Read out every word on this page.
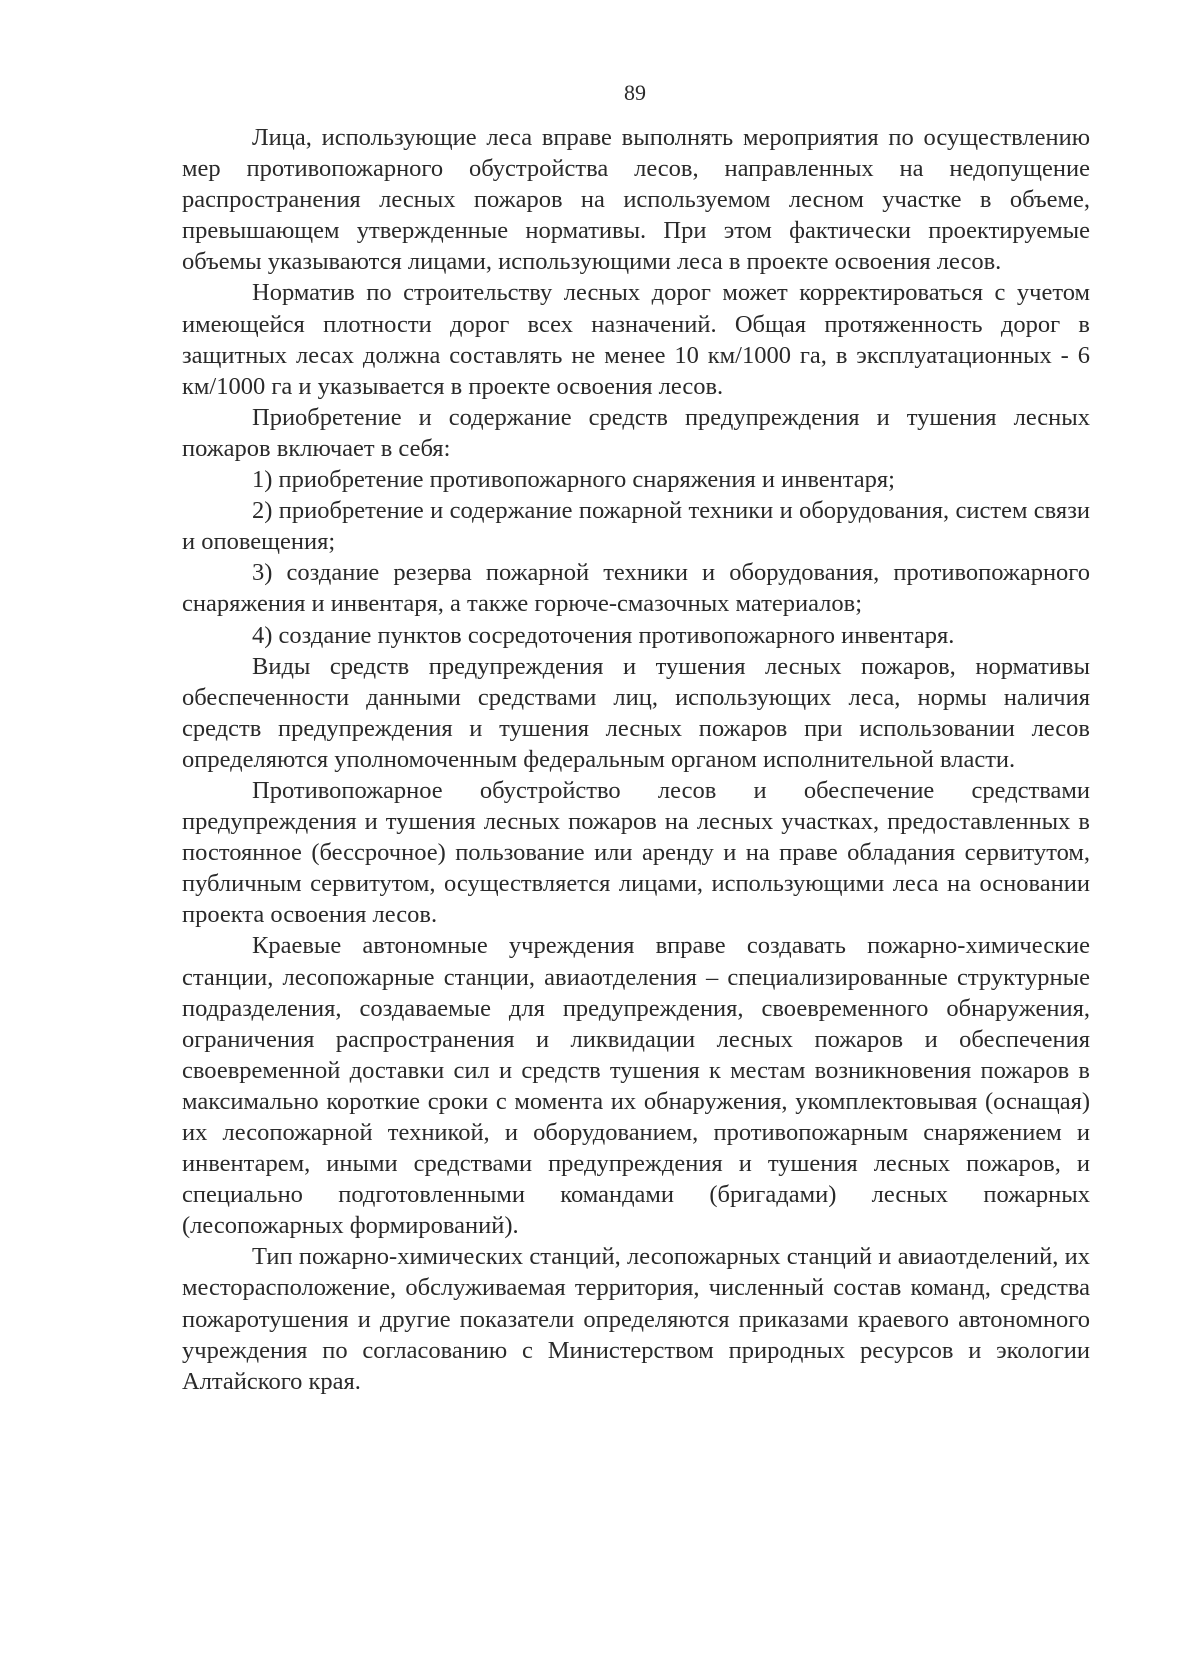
89

Лица, использующие леса вправе выполнять мероприятия по осуществлению мер противопожарного обустройства лесов, направленных на недопущение распространения лесных пожаров на используемом лесном участке в объеме, превышающем утвержденные нормативы. При этом фактически проектируемые объемы указываются лицами, использующими леса в проекте освоения лесов.

Норматив по строительству лесных дорог может корректироваться с учетом имеющейся плотности дорог всех назначений. Общая протяженность дорог в защитных лесах должна составлять не менее 10 км/1000 га, в эксплуатационных - 6 км/1000 га и указывается в проекте освоения лесов.

Приобретение и содержание средств предупреждения и тушения лесных пожаров включает в себя:

1) приобретение противопожарного снаряжения и инвентаря;

2) приобретение и содержание пожарной техники и оборудования, систем связи и оповещения;

3) создание резерва пожарной техники и оборудования, противопожарного снаряжения и инвентаря, а также горюче-смазочных материалов;

4) создание пунктов сосредоточения противопожарного инвентаря.

Виды средств предупреждения и тушения лесных пожаров, нормативы обеспеченности данными средствами лиц, использующих леса, нормы наличия средств предупреждения и тушения лесных пожаров при использовании лесов определяются уполномоченным федеральным органом исполнительной власти.

Противопожарное обустройство лесов и обеспечение средствами предупреждения и тушения лесных пожаров на лесных участках, предоставленных в постоянное (бессрочное) пользование или аренду и на праве обладания сервитутом, публичным сервитутом, осуществляется лицами, использующими леса на основании проекта освоения лесов.

Краевые автономные учреждения вправе создавать пожарно-химические станции, лесопожарные станции, авиаотделения – специализированные структурные подразделения, создаваемые для предупреждения, своевременного обнаружения, ограничения распространения и ликвидации лесных пожаров и обеспечения своевременной доставки сил и средств тушения к местам возникновения пожаров в максимально короткие сроки с момента их обнаружения, укомплектовывая (оснащая) их лесопожарной техникой, и оборудованием, противопожарным снаряжением и инвентарем, иными средствами предупреждения и тушения лесных пожаров, и специально подготовленными командами (бригадами) лесных пожарных (лесопожарных формирований).

Тип пожарно-химических станций, лесопожарных станций и авиаотделений, их месторасположение, обслуживаемая территория, численный состав команд, средства пожаротушения и другие показатели определяются приказами краевого автономного учреждения по согласованию с Министерством природных ресурсов и экологии Алтайского края.
